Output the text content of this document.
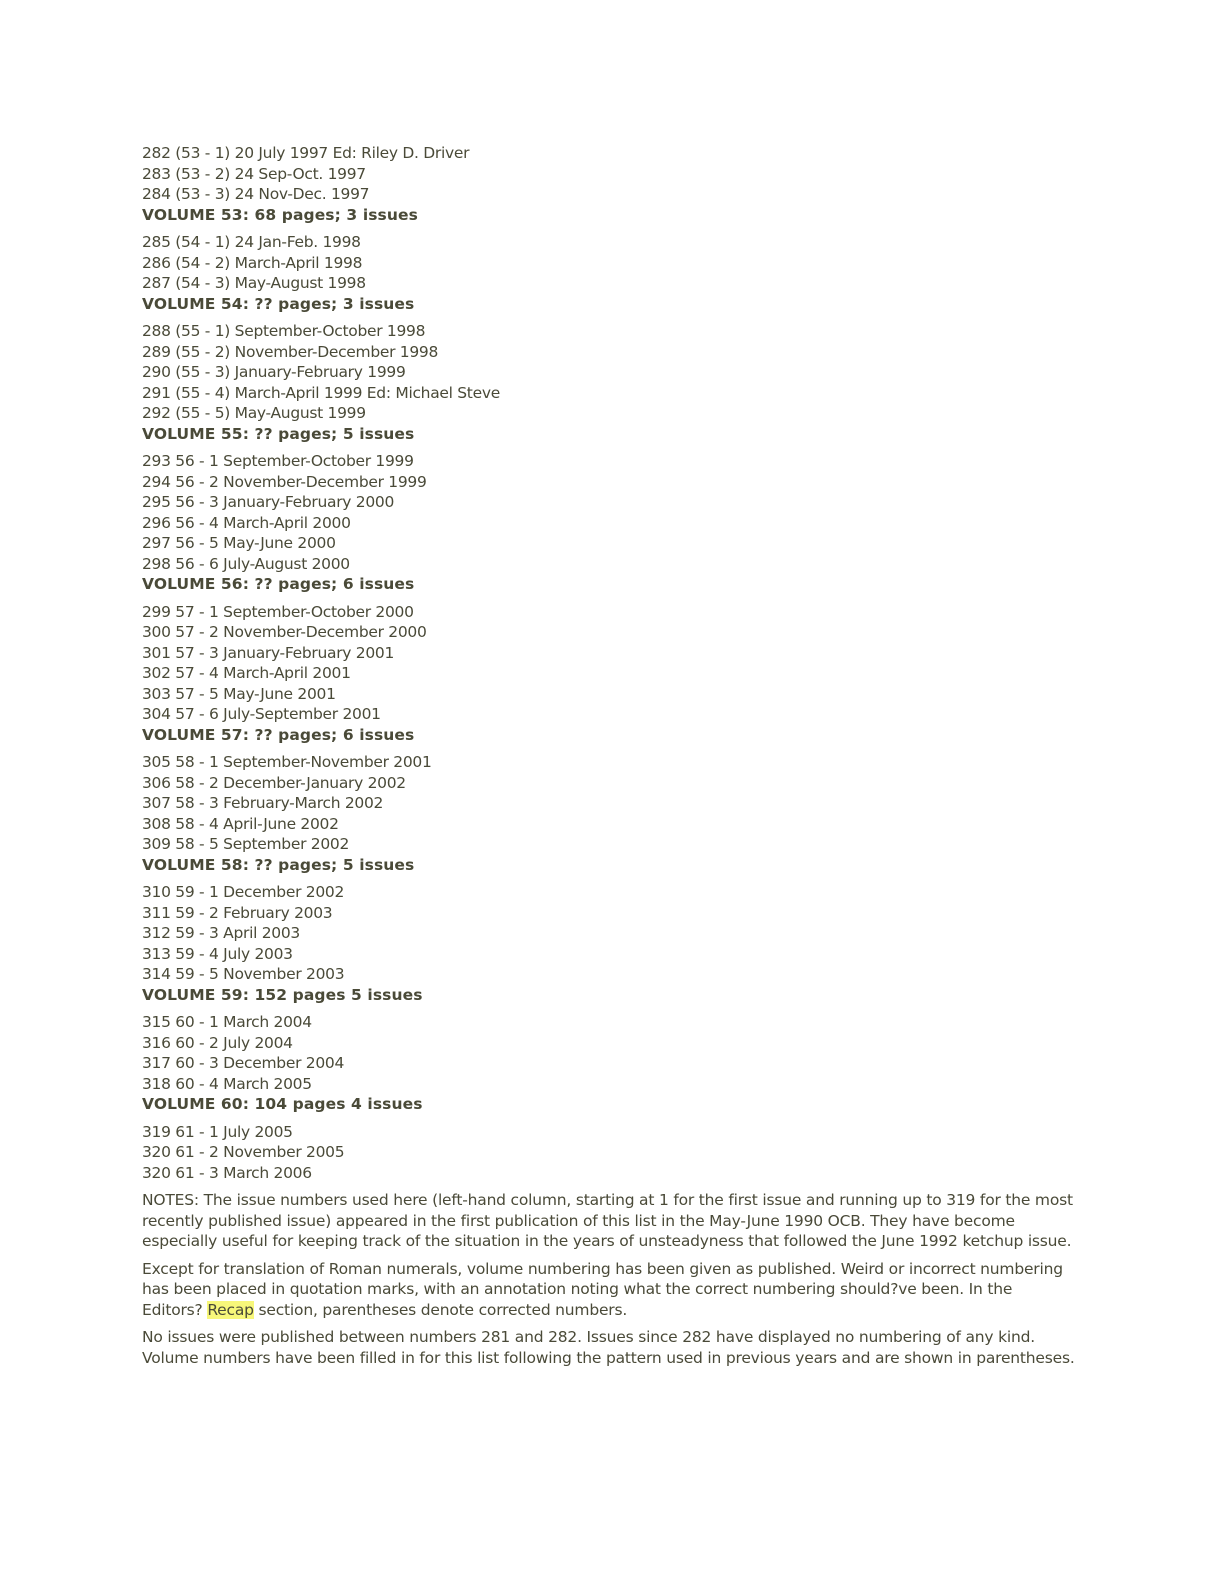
282 (53 - 1) 20 July 1997 Ed: Riley D. Driver
283 (53 - 2) 24 Sep-Oct. 1997
284 (53 - 3) 24 Nov-Dec. 1997
VOLUME 53: 68 pages; 3 issues
285 (54 - 1) 24 Jan-Feb. 1998
286 (54 - 2) March-April 1998
287 (54 - 3) May-August 1998
VOLUME 54: ?? pages; 3 issues
288 (55 - 1) September-October 1998
289 (55 - 2) November-December 1998
290 (55 - 3) January-February 1999
291 (55 - 4) March-April 1999 Ed: Michael Steve
292 (55 - 5) May-August 1999
VOLUME 55: ?? pages; 5 issues
293 56 - 1 September-October 1999
294 56 - 2 November-December 1999
295 56 - 3 January-February 2000
296 56 - 4 March-April 2000
297 56 - 5 May-June 2000
298 56 - 6 July-August 2000
VOLUME 56: ?? pages; 6 issues
299 57 - 1 September-October 2000
300 57 - 2 November-December 2000
301 57 - 3 January-February 2001
302 57 - 4 March-April 2001
303 57 - 5 May-June 2001
304 57 - 6 July-September 2001
VOLUME 57: ?? pages; 6 issues
305 58 - 1 September-November 2001
306 58 - 2 December-January 2002
307 58 - 3 February-March 2002
308 58 - 4 April-June 2002
309 58 - 5 September 2002
VOLUME 58: ?? pages; 5 issues
310 59 - 1 December 2002
311 59 - 2 February 2003
312 59 - 3 April 2003
313 59 - 4 July 2003
314 59 - 5 November 2003
VOLUME 59: 152 pages 5 issues
315 60 - 1 March 2004
316 60 - 2 July 2004
317 60 - 3 December 2004
318 60 - 4 March 2005
VOLUME 60: 104 pages 4 issues
319 61 - 1 July 2005
320 61 - 2 November 2005
320 61 - 3 March 2006

NOTES: The issue numbers used here (left-hand column, starting at 1 for the first issue and running up to 319 for the most recently published issue) appeared in the first publication of this list in the May-June 1990 OCB. They have become especially useful for keeping track of the situation in the years of unsteadyness that followed the June 1992 ketchup issue.

Except for translation of Roman numerals, volume numbering has been given as published. Weird or incorrect numbering has been placed in quotation marks, with an annotation noting what the correct numbering should?ve been. In the Editors? Recap section, parentheses denote corrected numbers.

No issues were published between numbers 281 and 282. Issues since 282 have displayed no numbering of any kind. Volume numbers have been filled in for this list following the pattern used in previous years and are shown in parentheses.
